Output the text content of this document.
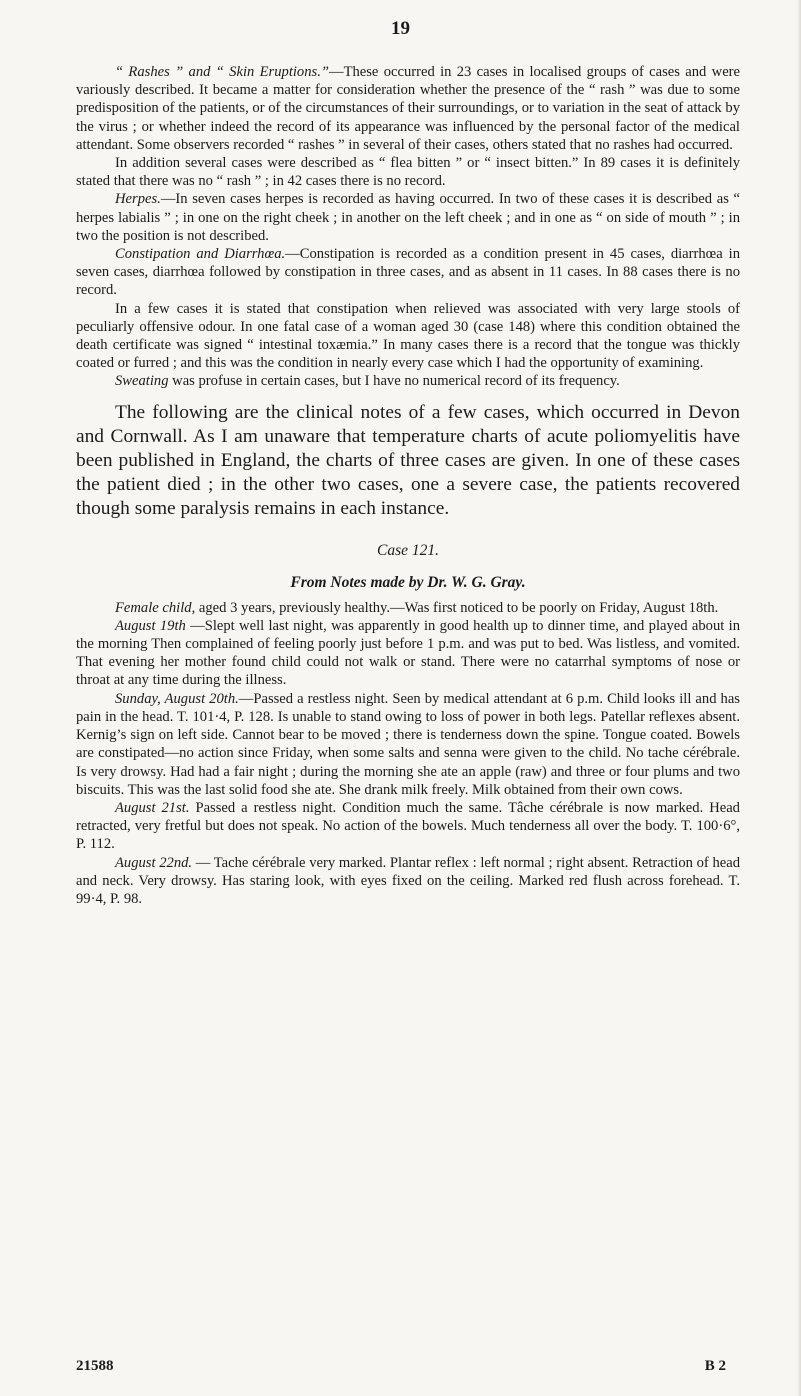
19

“ Rashes ” and “ Skin Eruptions.”—These occurred in 23 cases in localised groups of cases and were variously described. It became a matter for consideration whether the presence of the “ rash ” was due to some predisposition of the patients, or of the circumstances of their surroundings, or to variation in the seat of attack by the virus ; or whether indeed the record of its appearance was influenced by the personal factor of the medical attendant. Some observers recorded “ rashes ” in several of their cases, others stated that no rashes had occurred.

In addition several cases were described as “ flea bitten ” or “ insect bitten.” In 89 cases it is definitely stated that there was no “ rash ” ; in 42 cases there is no record.

Herpes.—In seven cases herpes is recorded as having occurred. In two of these cases it is described as “ herpes labialis ” ; in one on the right cheek ; in another on the left cheek ; and in one as “ on side of mouth ” ; in two the position is not described.

Constipation and Diarrhœa.—Constipation is recorded as a condition present in 45 cases, diarrhœa in seven cases, diarrhœa followed by constipation in three cases, and as absent in 11 cases. In 88 cases there is no record.

In a few cases it is stated that constipation when relieved was associated with very large stools of peculiarly offensive odour. In one fatal case of a woman aged 30 (case 148) where this condition obtained the death certificate was signed “ intestinal toxæmia.” In many cases there is a record that the tongue was thickly coated or furred ; and this was the condition in nearly every case which I had the opportunity of examining.

Sweating was profuse in certain cases, but I have no numerical record of its frequency.

The following are the clinical notes of a few cases, which occurred in Devon and Cornwall. As I am unaware that temperature charts of acute poliomyelitis have been published in England, the charts of three cases are given. In one of these cases the patient died ; in the other two cases, one a severe case, the patients recovered though some paralysis remains in each instance.

Case 121.
From Notes made by Dr. W. G. Gray.

Female child, aged 3 years, previously healthy.—Was first noticed to be poorly on Friday, August 18th.

August 19th —Slept well last night, was apparently in good health up to dinner time, and played about in the morning Then complained of feeling poorly just before 1 p.m. and was put to bed. Was listless, and vomited. That evening her mother found child could not walk or stand. There were no catarrhal symptoms of nose or throat at any time during the illness.

Sunday, August 20th.—Passed a restless night. Seen by medical attendant at 6 p.m. Child looks ill and has pain in the head. T. 101·4, P. 128. Is unable to stand owing to loss of power in both legs. Patellar reflexes absent. Kernig’s sign on left side. Cannot bear to be moved ; there is tenderness down the spine. Tongue coated. Bowels are constipated—no action since Friday, when some salts and senna were given to the child. No tache cérébrale. Is very drowsy. Had had a fair night ; during the morning she ate an apple (raw) and three or four plums and two biscuits. This was the last solid food she ate. She drank milk freely. Milk obtained from their own cows.

August 21st. Passed a restless night. Condition much the same. Tâche cérébrale is now marked. Head retracted, very fretful but does not speak. No action of the bowels. Much tenderness all over the body. T. 100·6°, P. 112.

August 22nd. — Tache cérébrale very marked. Plantar reflex : left normal ; right absent. Retraction of head and neck. Very drowsy. Has staring look, with eyes fixed on the ceiling. Marked red flush across forehead. T. 99·4, P. 98.

21588	B 2
